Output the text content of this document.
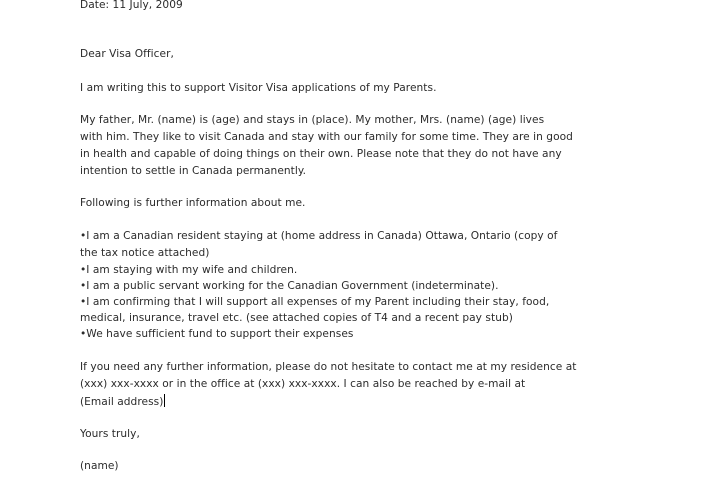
Date: 11 July, 2009
Dear Visa Officer,
I am writing this to support Visitor Visa applications of my Parents.
My father, Mr. (name) is (age) and stays in (place). My mother, Mrs. (name) (age) lives
with him. They like to visit Canada and stay with our family for some time. They are in good
in health and capable of doing things on their own. Please note that they do not have any
intention to settle in Canada permanently.
Following is further information about me.
•I am a Canadian resident staying at (home address in Canada) Ottawa, Ontario (copy of
the tax notice attached)
•I am staying with my wife and children.
•I am a public servant working for the Canadian Government (indeterminate).
•I am confirming that I will support all expenses of my Parent including their stay, food,
medical, insurance, travel etc. (see attached copies of T4 and a recent pay stub)
•We have sufficient fund to support their expenses
If you need any further information, please do not hesitate to contact me at my residence at
(xxx) xxx-xxxx or in the office at (xxx) xxx-xxxx. I can also be reached by e-mail at
(Email address)
Yours truly,
(name)
